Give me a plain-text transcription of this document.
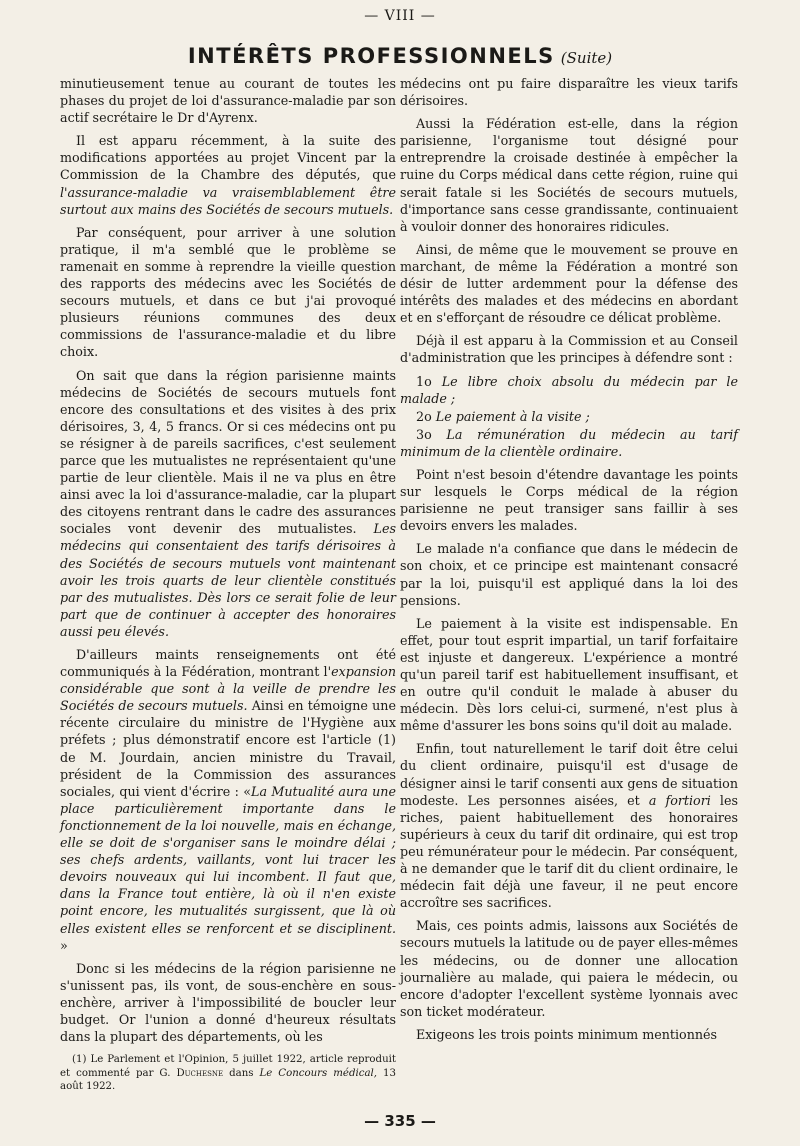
— VIII —
INTÉRÊTS PROFESSIONNELS (Suite)

minutieusement tenue au courant de toutes les phases du projet de loi d'assurance-maladie par son actif secrétaire le Dr d'Ayrenx.

Il est apparu récemment, à la suite des modifications apportées au projet Vincent par la Commission de la Chambre des députés, que l'assurance-maladie va vraisemblablement être surtout aux mains des Sociétés de secours mutuels.

Par conséquent, pour arriver à une solution pratique, il m'a semblé que le problème se ramenait en somme à reprendre la vieille question des rapports des médecins avec les Sociétés de secours mutuels, et dans ce but j'ai provoqué plusieurs réunions communes des deux commissions de l'assurance-maladie et du libre choix.

On sait que dans la région parisienne maints médecins de Sociétés de secours mutuels font encore des consultations et des visites à des prix dérisoires, 3, 4, 5 francs. Or si ces médecins ont pu se résigner à de pareils sacrifices, c'est seulement parce que les mutualistes ne représentaient qu'une partie de leur clientèle. Mais il ne va plus en être ainsi avec la loi d'assurance-maladie, car la plupart des citoyens rentrant dans le cadre des assurances sociales vont devenir des mutualistes. Les médecins qui consentaient des tarifs dérisoires à des Sociétés de secours mutuels vont maintenant avoir les trois quarts de leur clientèle constitués par des mutualistes. Dès lors ce serait folie de leur part que de continuer à accepter des honoraires aussi peu élevés.

D'ailleurs maints renseignements ont été communiqués à la Fédération, montrant l'expansion considérable que sont à la veille de prendre les Sociétés de secours mutuels. Ainsi en témoigne une récente circulaire du ministre de l'Hygiène aux préfets ; plus démonstratif encore est l'article (1) de M. Jourdain, ancien ministre du Travail, président de la Commission des assurances sociales, qui vient d'écrire : «La Mutualité aura une place particulièrement importante dans le fonctionnement de la loi nouvelle, mais en échange, elle se doit de s'organiser sans le moindre délai ; ses chefs ardents, vaillants, vont lui tracer les devoirs nouveaux qui lui incombent. Il faut que, dans la France tout entière, là où il n'en existe point encore, les mutualités surgissent, que là où elles existent elles se renforcent et se disciplinent. »

Donc si les médecins de la région parisienne ne s'unissent pas, ils vont, de sous-enchère en sous-enchère, arriver à l'impossibilité de boucler leur budget. Or l'union a donné d'heureux résultats dans la plupart des départements, où les

médecins ont pu faire disparaître les vieux tarifs dérisoires.

Aussi la Fédération est-elle, dans la région parisienne, l'organisme tout désigné pour entreprendre la croisade destinée à empêcher la ruine du Corps médical dans cette région, ruine qui serait fatale si les Sociétés de secours mutuels, d'importance sans cesse grandissante, continuaient à vouloir donner des honoraires ridicules.

Ainsi, de même que le mouvement se prouve en marchant, de même la Fédération a montré son désir de lutter ardemment pour la défense des intérêts des malades et des médecins en abordant et en s'efforçant de résoudre ce délicat problème.

Déjà il est apparu à la Commission et au Conseil d'administration que les principes à défendre sont :

1o Le libre choix absolu du médecin par le malade ;

2o Le paiement à la visite ;

3o La rémunération du médecin au tarif minimum de la clientèle ordinaire.

Point n'est besoin d'étendre davantage les points sur lesquels le Corps médical de la région parisienne ne peut transiger sans faillir à ses devoirs envers les malades.

Le malade n'a confiance que dans le médecin de son choix, et ce principe est maintenant consacré par la loi, puisqu'il est appliqué dans la loi des pensions.

Le paiement à la visite est indispensable. En effet, pour tout esprit impartial, un tarif forfaitaire est injuste et dangereux. L'expérience a montré qu'un pareil tarif est habituellement insuffisant, et en outre qu'il conduit le malade à abuser du médecin. Dès lors celui-ci, surmené, n'est plus à même d'assurer les bons soins qu'il doit au malade.

Enfin, tout naturellement le tarif doit être celui du client ordinaire, puisqu'il est d'usage de désigner ainsi le tarif consenti aux gens de situation modeste. Les personnes aisées, et a fortiori les riches, paient habituellement des honoraires supérieurs à ceux du tarif dit ordinaire, qui est trop peu rémunérateur pour le médecin. Par conséquent, à ne demander que le tarif dit du client ordinaire, le médecin fait déjà une faveur, il ne peut encore accroître ses sacrifices.

Mais, ces points admis, laissons aux Sociétés de secours mutuels la latitude ou de payer elles-mêmes les médecins, ou de donner une allocation journalière au malade, qui paiera le médecin, ou encore d'adopter l'excellent système lyonnais avec son ticket modérateur.

Exigeons les trois points minimum mentionnés

(1) Le Parlement et l'Opinion, 5 juillet 1922, article reproduit et commenté par G. Duchesne dans Le Concours médical, 13 août 1922.

— 335 —
